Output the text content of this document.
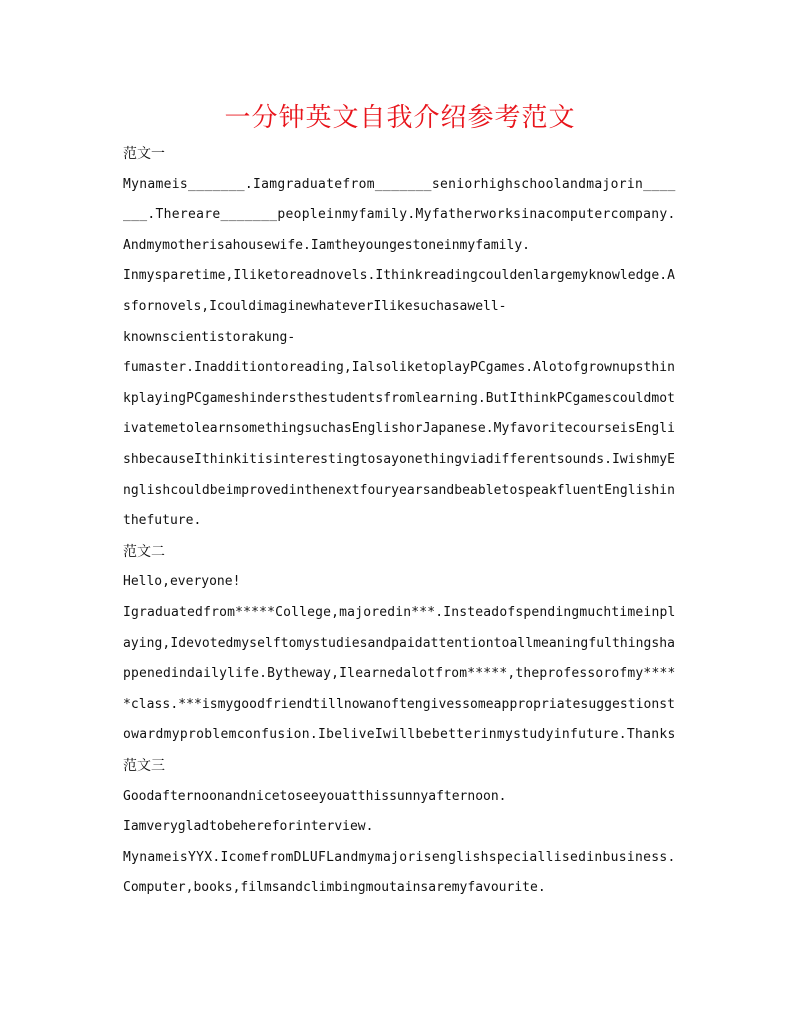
一分钟英文自我介绍参考范文
范文一
Mynameis_______.Iamgraduatefrom_______seniorhighschoolandmajorin____
___.Thereare_______peopleinmyfamily.Myfatherworksinacomputercompany.
Andmymotherisahousewife.Iamtheyoungestoneinmyfamily.
Inmysparetime,Iliketoreadnovels.Ithinkreadingcouldenlargemyknowledge.A
sfornovels,IcouldimaginewhateverIlikesuchasawell-
knownscientistorakung-
fumaster.Inadditiontoreading,IalsoliketoplayPCgames.Alotofgrownupsthin
kplayingPCgameshindersthestudentsfromlearning.ButIthinkPCgamescouldmot
ivatemetolearnsomethingsuchasEnglishorJapanese.MyfavoritecourseisEngli
shbecauseIthinkitisinterestingtosayonethingviadifferentsounds.IwishmyE
nglishcouldbeimprovedinthenextfouryearsandbeabletospeakfluentEnglishin
thefuture.
范文二
Hello,everyone!
Igraduatedfrom*****College,majoredin***.Insteadofspendingmuchtimeinpl
aying,Idevotedmyselftomystudiesandpaidattentiontoallmeaningfulthingsha
ppenedindailylife.Bytheway,Ilearnedalotfrom*****,theprofessorofmy****
*class.***ismygoodfriendtillnowanoftengivessomeappropriatesuggestionst
owardmyproblemconfusion.IbeliveIwillbebetterinmystudyinfuture.Thanks
范文三
Goodafternoonandnicetoseeyouatthissunnyafternoon.
Iamverygladtobehereforinterview.
MynameisYYX.IcomefromDLUFLandmymajorisenglishspeciallisedinbusiness.
Computer,books,filmsandclimbingmoutainsaremyfavourite.
